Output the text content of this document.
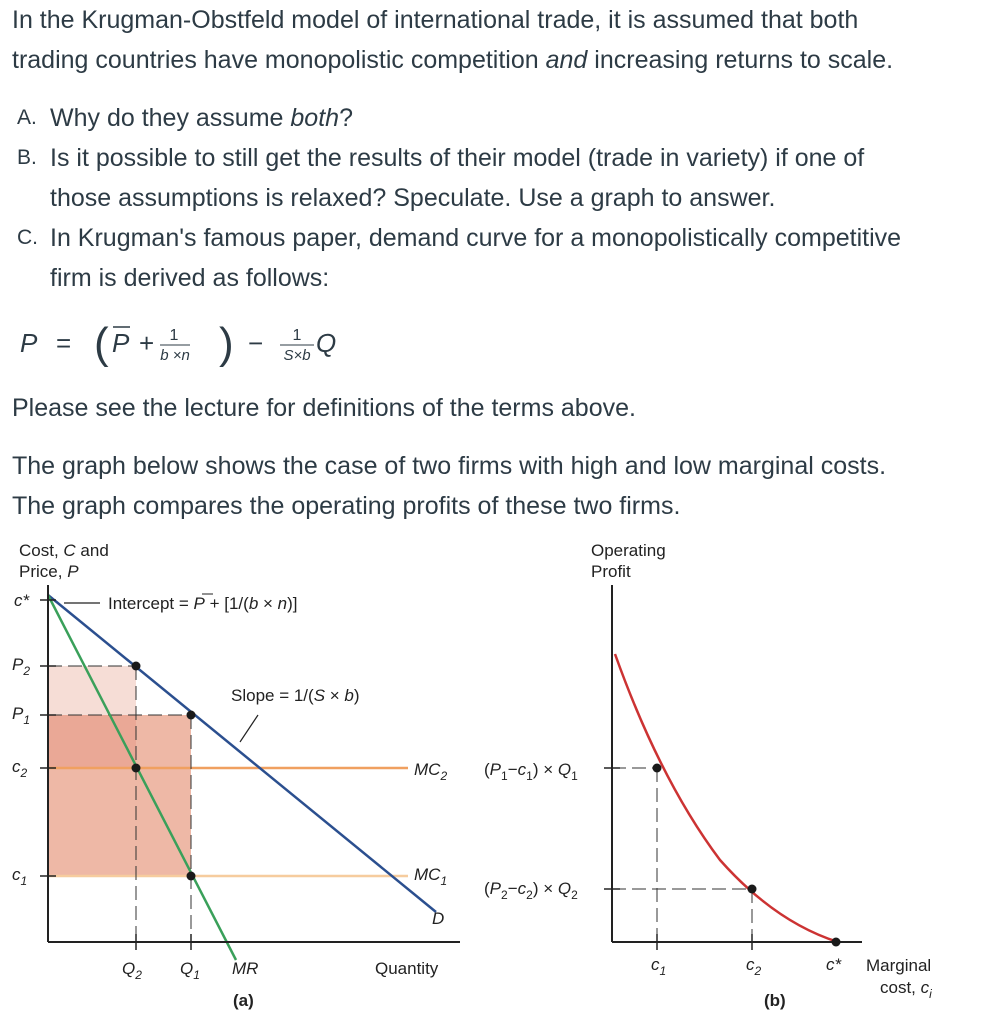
In the Krugman-Obstfeld model of international trade, it is assumed that both

trading countries have monopolistic competition and increasing returns to scale.

A. Why do they assume both?
B. Is it possible to still get the results of their model (trade in variety) if one of
those assumptions is relaxed? Speculate. Use a graph to answer.
C. In Krugman's famous paper, demand curve for a monopolistically competitive
firm is derived as follows:
P = ( P + 1
b ×n ) − 1
S×b Q

Please see the lecture for definitions of the terms above.

The graph below shows the case of two firms with high and low marginal costs.

The graph compares the operating profits of these two firms.

Cost, C and
Price, P
c*
$P_2$
$P_1$
$c_2$
$c_1$
Intercept = P + [1/(b × n)]
Slope = 1/(S × b)
$MC_2$
$MC_1$
D
$Q_2$ $Q_1$ MR	Quantity
(a)
Operating
Profit
$(P_1-c_1) \times Q_1$
$(P_2-c_2) \times Q_2$
$c_1$	$c_2$	c* Marginal
cost, $c_i$
(b)
